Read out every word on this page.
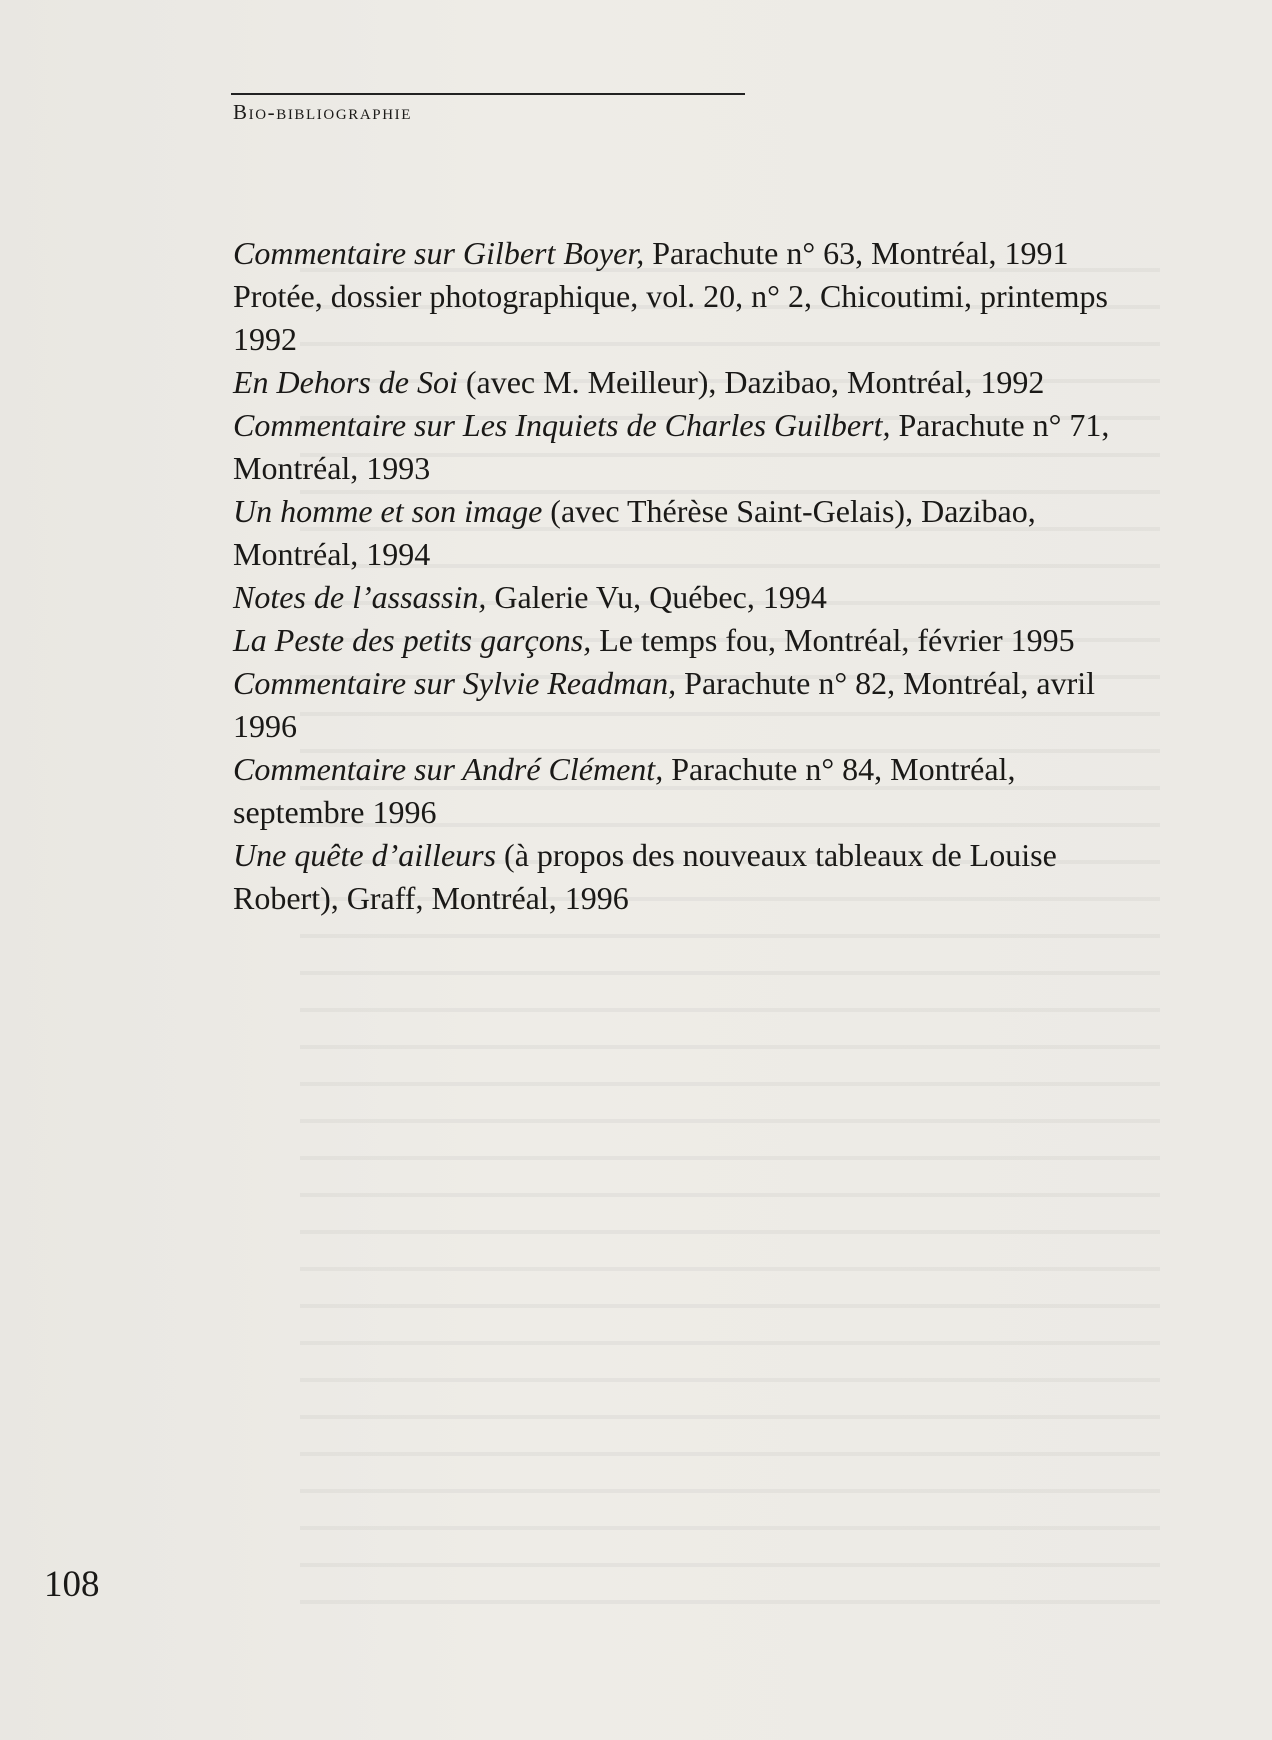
Bio-bibliographie
Commentaire sur Gilbert Boyer, Parachute n° 63, Montréal, 1991
Protée, dossier photographique, vol. 20, n° 2, Chicoutimi, printemps 1992
En Dehors de Soi (avec M. Meilleur), Dazibao, Montréal, 1992
Commentaire sur Les Inquiets de Charles Guilbert, Parachute n° 71, Montréal, 1993
Un homme et son image (avec Thérèse Saint-Gelais), Dazibao, Montréal, 1994
Notes de l’assassin, Galerie Vu, Québec, 1994
La Peste des petits garçons, Le temps fou, Montréal, février 1995
Commentaire sur Sylvie Readman, Parachute n° 82, Montréal, avril 1996
Commentaire sur André Clément, Parachute n° 84, Montréal, septembre 1996
Une quête d’ailleurs (à propos des nouveaux tableaux de Louise Robert), Graff, Montréal, 1996
108
